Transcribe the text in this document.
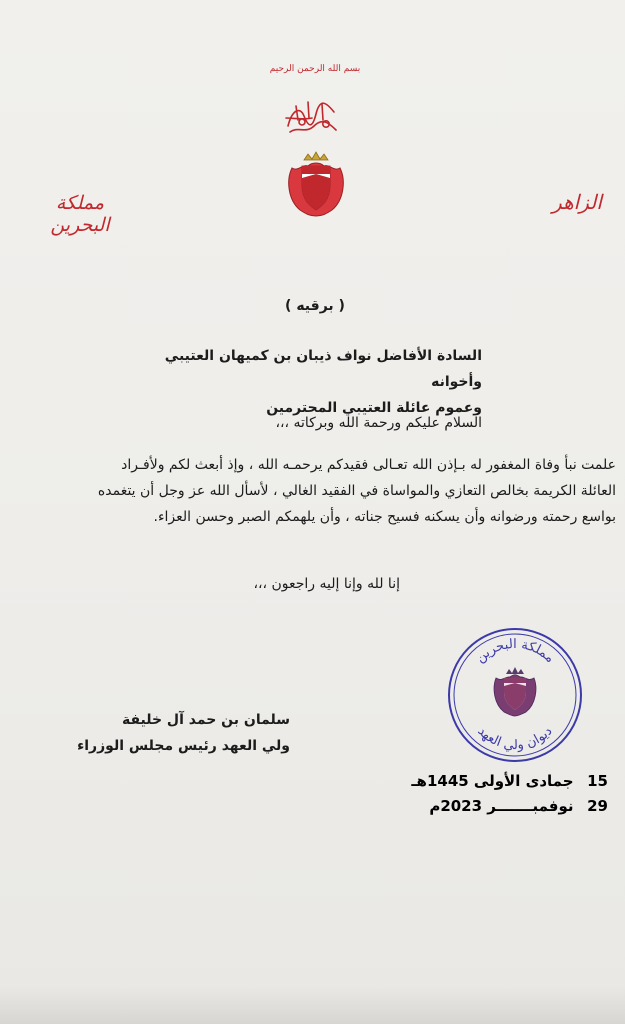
بسم الله الرحمن الرحيم
مملكة البحرين
الزاهر
( برقيه )
السادة الأفاضل نواف ذيبان بن كميهان العتيبي وأخوانه
وعموم عائلة العتيبي المحترمين
السلام عليكم ورحمة الله وبركاته ،،،
علمت نبأ وفاة المغفور له بـإذن الله تعـالى فقيدكم يرحمـه الله ، وإذ أبعث لكم ولأفـراد
العائلة الكريمة بخالص التعازي والمواساة في الفقيد الغالي ، لأسأل الله عز وجل أن يتغمده
بواسع رحمته ورضوانه وأن يسكنه فسيح جناته ، وأن يلهمكم الصبر وحسن العزاء.
إنا لله وإنا إليه راجعون ،،،
مملكة البحرين
ديوان ولي العهد
سلمان بن حمد آل خليفة
ولي العهد رئيس مجلس الوزراء
15  جمادى الأولى 1445هـ
29  نوفمبـــــــر 2023م
